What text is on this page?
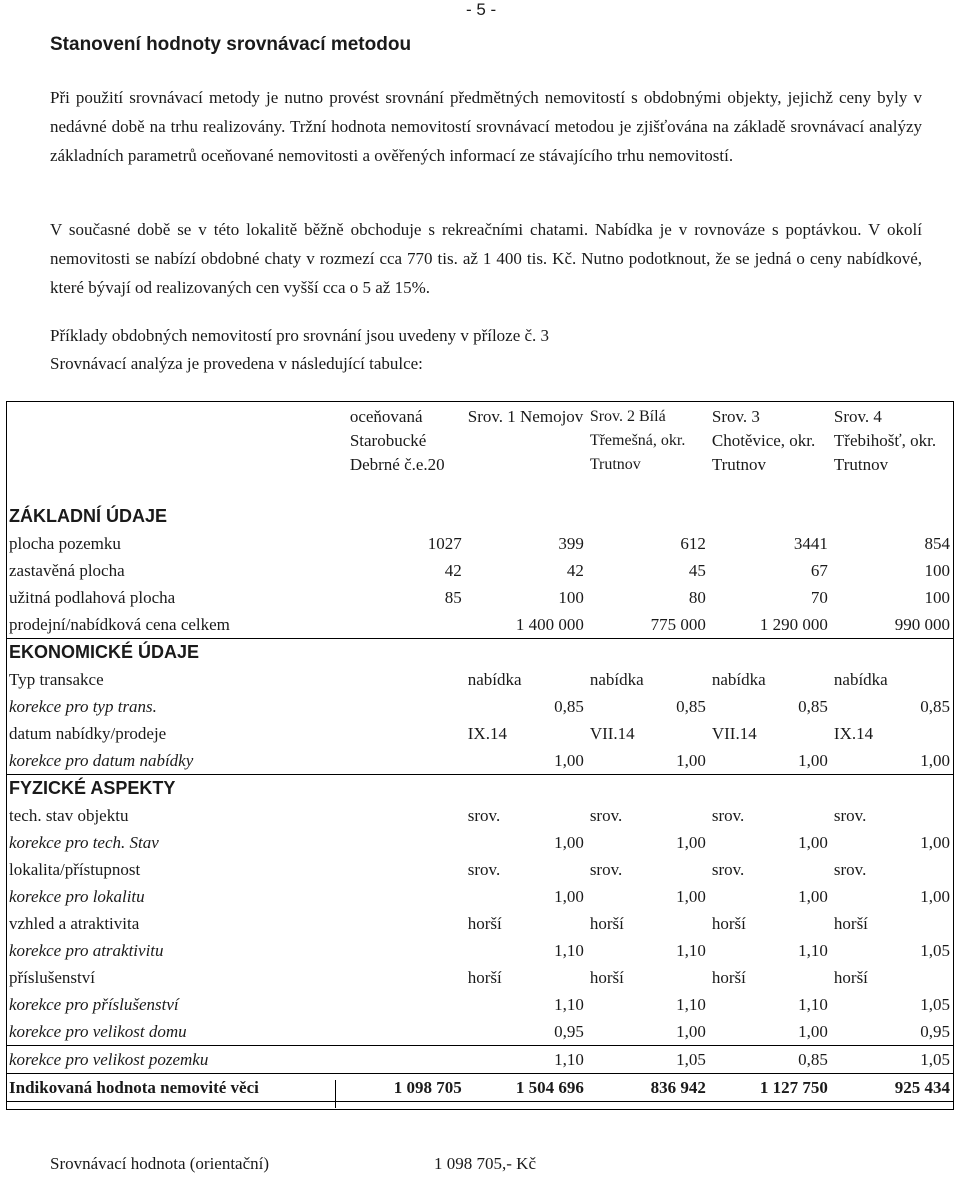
- 5 -
Stanovení hodnoty srovnávací metodou

Při použití srovnávací metody je nutno provést srovnání předmětných nemovitostí s obdobnými objekty, jejichž ceny byly v nedávné době na trhu realizovány. Tržní hodnota nemovitostí srovnávací metodou je zjišťována na základě srovnávací analýzy základních parametrů oceňované nemovitosti a ověřených informací ze stávajícího trhu nemovitostí.

V současné době se v této lokalitě běžně obchoduje s rekreačními chatami. Nabídka je v rovnováze s poptávkou. V okolí nemovitosti se nabízí obdobné chaty v rozmezí cca 770 tis. až 1 400 tis. Kč. Nutno podotknout, že se jedná o ceny nabídkové, které bývají od realizovaných cen vyšší cca o 5 až 15%.

Příklady obdobných nemovitostí pro srovnání jsou uvedeny v příloze č. 3

Srovnávací analýza je provedena v následující tabulce:

	oceňovaná Starobucké Debrné č.e.20	Srov. 1 Nemojov	Srov. 2 Bílá Třemešná, okr. Trutnov	Srov. 3 Chotěvice, okr. Trutnov	Srov. 4 Třebihošť, okr. Trutnov
ZÁKLADNÍ ÚDAJE					
plocha pozemku	1027	399	612	3441	854
zastavěná plocha	42	42	45	67	100
užitná podlahová plocha	85	100	80	70	100
prodejní/nabídková cena celkem		1 400 000	775 000	1 290 000	990 000
EKONOMICKÉ ÚDAJE					
Typ transakce		nabídka	nabídka	nabídka	nabídka
korekce pro typ trans.		0,85	0,85	0,85	0,85
datum nabídky/prodeje		IX.14	VII.14	VII.14	IX.14
korekce pro datum nabídky		1,00	1,00	1,00	1,00
FYZICKÉ ASPEKTY					
tech. stav objektu		srov.	srov.	srov.	srov.
korekce pro tech. Stav		1,00	1,00	1,00	1,00
lokalita/přístupnost		srov.	srov.	srov.	srov.
korekce pro lokalitu		1,00	1,00	1,00	1,00
vzhled a atraktivita		horší	horší	horší	horší
korekce pro atraktivitu		1,10	1,10	1,10	1,05
příslušenství		horší	horší	horší	horší
korekce pro příslušenství		1,10	1,10	1,10	1,05
korekce pro velikost domu		0,95	1,00	1,00	0,95
korekce pro velikost pozemku		1,10	1,05	0,85	1,05
Indikovaná hodnota nemovité věci	1 098 705	1 504 696	836 942	1 127 750	925 434
Srovnávací hodnota (orientační)	1 098 705,- Kč
